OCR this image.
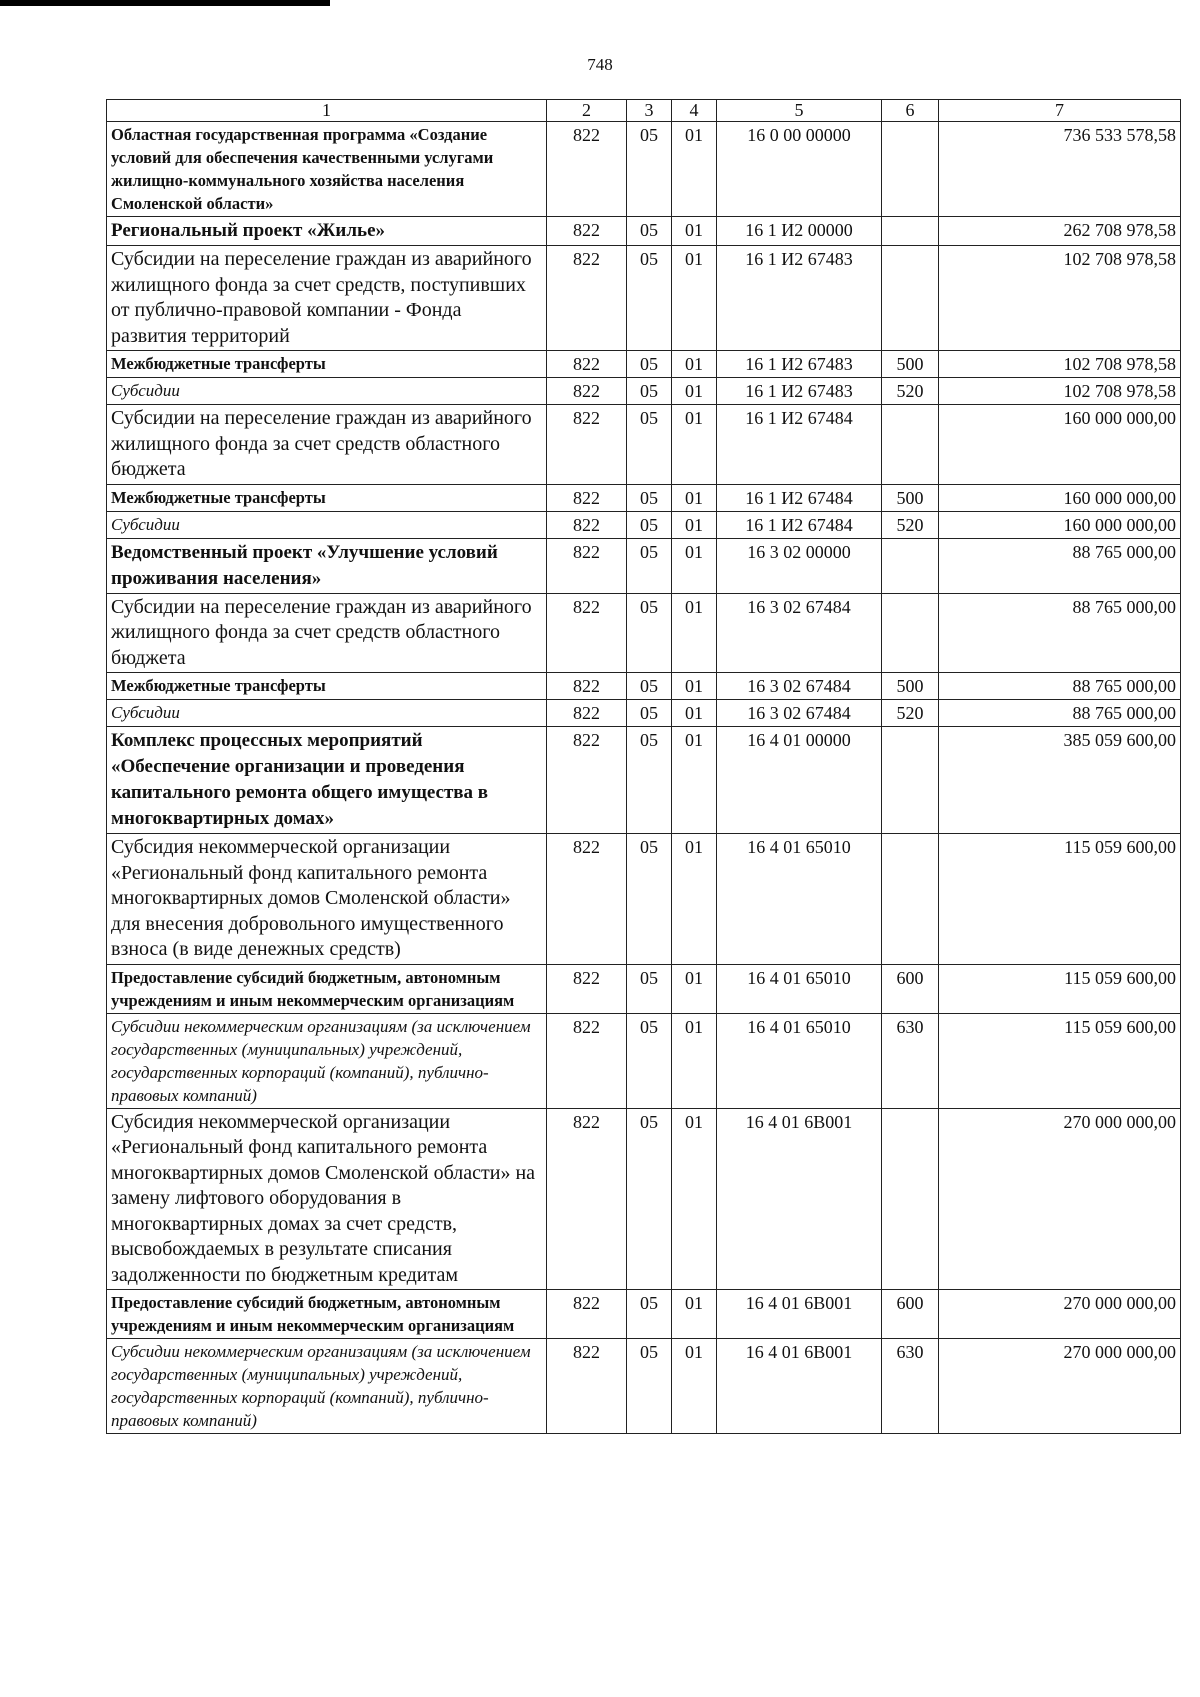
748
1	2	3	4	5	6	7
Областная государственная программа «Создание условий для обеспечения качественными услугами жилищно-коммунального хозяйства населения Смоленской области»	822	05	01	16 0 00 00000		736 533 578,58
Региональный проект «Жилье»	822	05	01	16 1 И2 00000		262 708 978,58
Субсидии на переселение граждан из аварийного жилищного фонда за счет средств, поступивших от публично-правовой компании - Фонда развития территорий	822	05	01	16 1 И2 67483		102 708 978,58
Межбюджетные трансферты	822	05	01	16 1 И2 67483	500	102 708 978,58
Субсидии	822	05	01	16 1 И2 67483	520	102 708 978,58
Субсидии на переселение граждан из аварийного жилищного фонда за счет средств областного бюджета	822	05	01	16 1 И2 67484		160 000 000,00
Межбюджетные трансферты	822	05	01	16 1 И2 67484	500	160 000 000,00
Субсидии	822	05	01	16 1 И2 67484	520	160 000 000,00
Ведомственный проект «Улучшение условий проживания населения»	822	05	01	16 3 02 00000		88 765 000,00
Субсидии на переселение граждан из аварийного жилищного фонда за счет средств областного бюджета	822	05	01	16 3 02 67484		88 765 000,00
Межбюджетные трансферты	822	05	01	16 3 02 67484	500	88 765 000,00
Субсидии	822	05	01	16 3 02 67484	520	88 765 000,00
Комплекс процессных мероприятий «Обеспечение организации и проведения капитального ремонта общего имущества в многоквартирных домах»	822	05	01	16 4 01 00000		385 059 600,00
Субсидия некоммерческой организации «Региональный фонд капитального ремонта многоквартирных домов Смоленской области» для внесения добровольного имущественного взноса (в виде денежных средств)	822	05	01	16 4 01 65010		115 059 600,00
Предоставление субсидий бюджетным, автономным учреждениям и иным некоммерческим организациям	822	05	01	16 4 01 65010	600	115 059 600,00
Субсидии некоммерческим организациям (за исключением государственных (муниципальных) учреждений, государственных корпораций (компаний), публично-правовых компаний)	822	05	01	16 4 01 65010	630	115 059 600,00
Субсидия некоммерческой организации «Региональный фонд капитального ремонта многоквартирных домов Смоленской области» на замену лифтового оборудования в многоквартирных домах за счет средств, высвобождаемых в результате списания задолженности по бюджетным кредитам	822	05	01	16 4 01 6В001		270 000 000,00
Предоставление субсидий бюджетным, автономным учреждениям и иным некоммерческим организациям	822	05	01	16 4 01 6В001	600	270 000 000,00
Субсидии некоммерческим организациям (за исключением государственных (муниципальных) учреждений, государственных корпораций (компаний), публично-правовых компаний)	822	05	01	16 4 01 6В001	630	270 000 000,00
